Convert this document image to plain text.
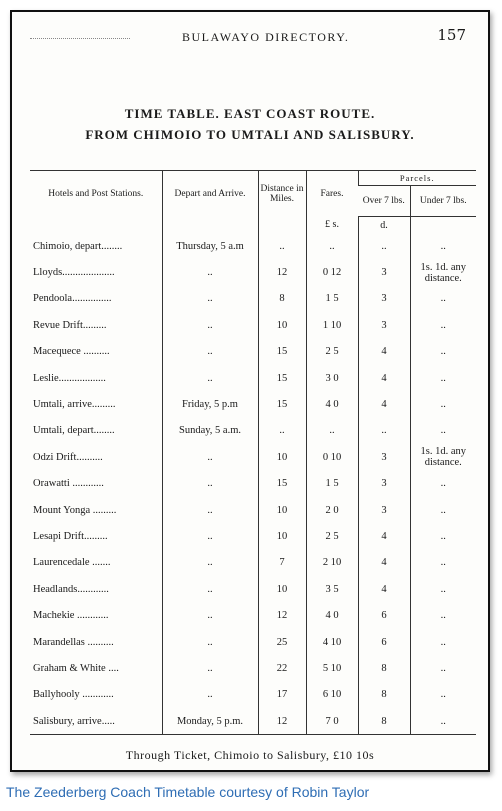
BULAWAYO DIRECTORY.	157
TIME TABLE. EAST COAST ROUTE.
FROM CHIMOIO TO UMTALI AND SALISBURY.
Hotels and Post Stations.	Depart and Arrive.	Distance in Miles.	Fares.	Parcels.	
				Over 7 lbs.	Under 7 lbs.
			£ s.	d.	
Chimoio, depart........	Thursday, 5 a.m	..	..	..	..
Lloyds....................	..	12	0 12	3	1s. 1d. any distance.
Pendoola...............	..	8	1 5	3	..
Revue Drift.........	..	10	1 10	3	..
Macequece ..........	..	15	2 5	4	..
Leslie..................	..	15	3 0	4	..
Umtali, arrive.........	Friday, 5 p.m	15	4 0	4	..
Umtali, depart........	Sunday, 5 a.m.	..	..	..	..
Odzi Drift..........	..	10	0 10	3	1s. 1d. any distance.
Orawatti ............	..	15	1 5	3	..
Mount Yonga .........	..	10	2 0	3	..
Lesapi Drift.........	..	10	2 5	4	..
Laurencedale .......	..	7	2 10	4	..
Headlands............	..	10	3 5	4	..
Machekie ............	..	12	4 0	6	..
Marandellas ..........	..	25	4 10	6	..
Graham & White ....	..	22	5 10	8	..
Ballyhooly ............	..	17	6 10	8	..
Salisbury, arrive.....	Monday, 5 p.m.	12	7 0	8	..
Through Ticket, Chimoio to Salisbury, £10 10s
The Zeederberg Coach Timetable courtesy of Robin Taylor
